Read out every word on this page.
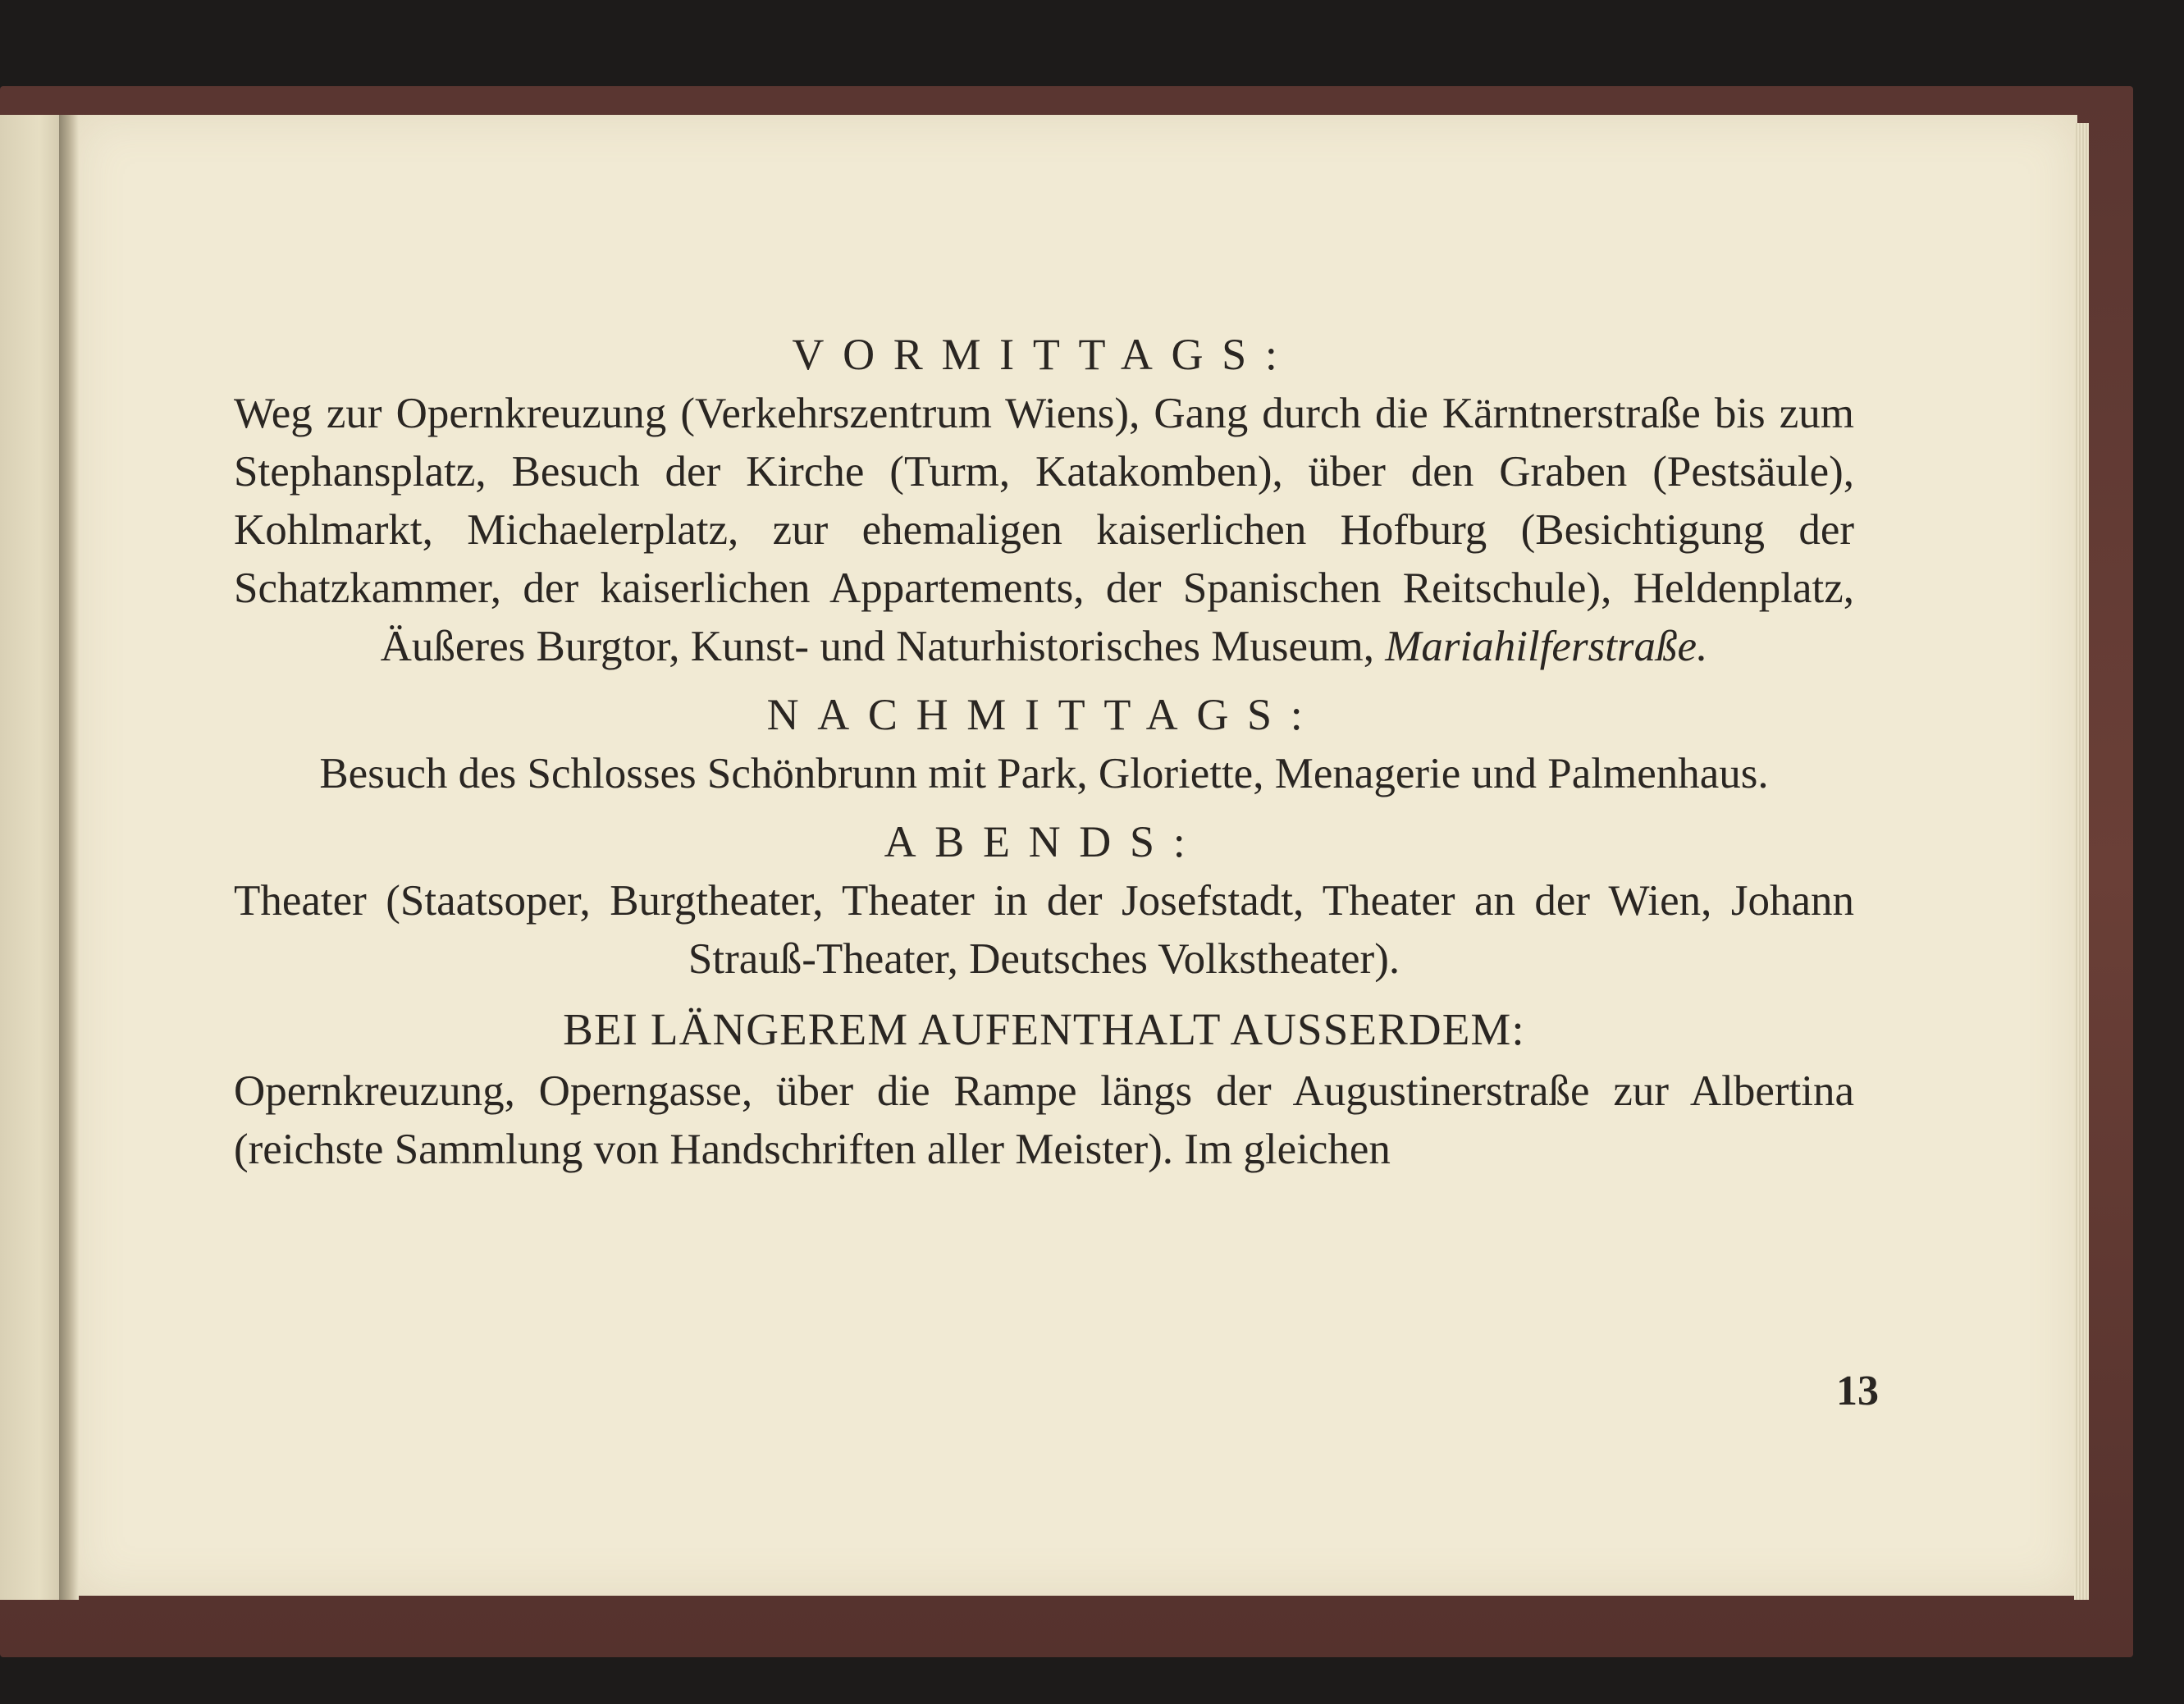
VORMITTAGS:

Weg zur Opernkreuzung (Verkehrszentrum Wiens), Gang durch die Kärntnerstraße bis zum Stephansplatz, Besuch der Kirche (Turm, Katakomben), über den Graben (Pestsäule), Kohlmarkt, Michaelerplatz, zur ehemaligen kaiserlichen Hofburg (Besichtigung der Schatzkammer, der kaiserlichen Appartements, der Spanischen Reitschule), Heldenplatz, Äußeres Burgtor, Kunst- und Naturhistorisches Museum, Mariahilferstraße.

NACHMITTAGS:

Besuch des Schlosses Schönbrunn mit Park, Gloriette, Menagerie und Palmenhaus.

ABENDS:

Theater (Staatsoper, Burgtheater, Theater in der Josefstadt, Theater an der Wien, Johann Strauß-Theater, Deutsches Volkstheater).

BEI LÄNGEREM AUFENTHALT AUSSERDEM:

Opernkreuzung, Operngasse, über die Rampe längs der Augustinerstraße zur Albertina (reichste Sammlung von Handschriften aller Meister). Im gleichen

13
